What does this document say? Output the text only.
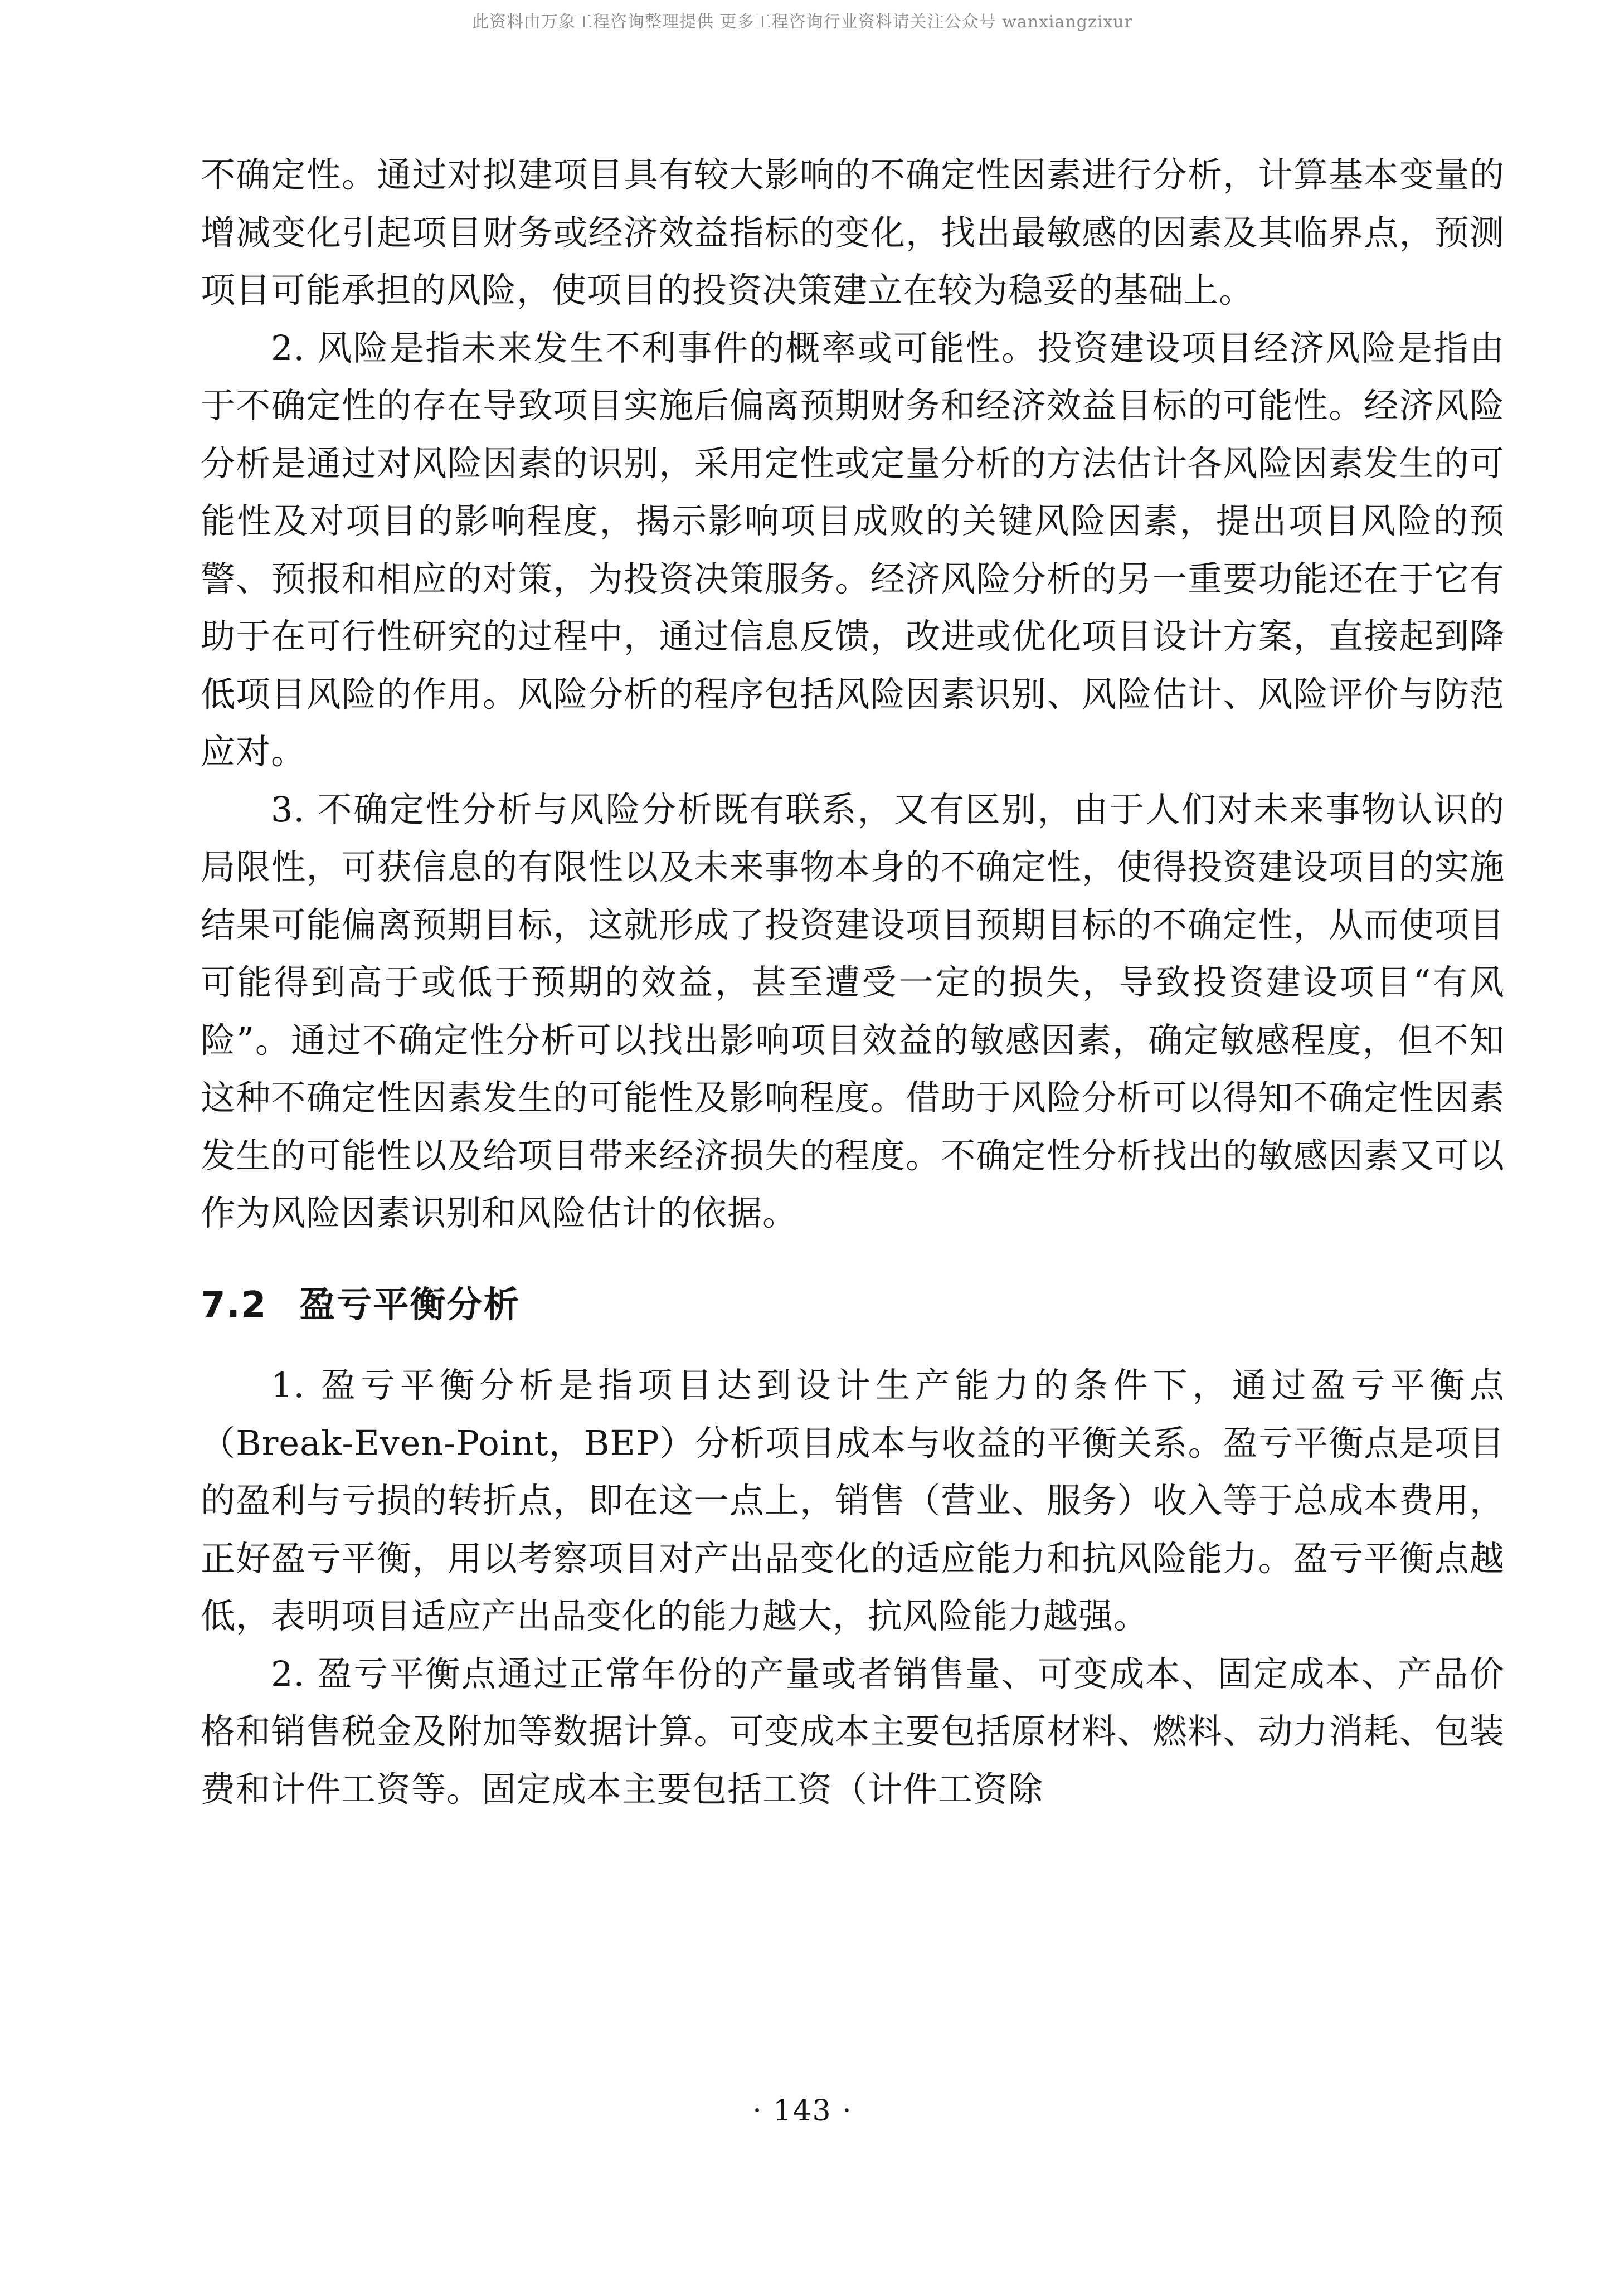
此资料由万象工程咨询整理提供 更多工程咨询行业资料请关注公众号 wanxiangzixur

不确定性。通过对拟建项目具有较大影响的不确定性因素进行分析，计算基本变量的增减变化引起项目财务或经济效益指标的变化，找出最敏感的因素及其临界点，预测项目可能承担的风险，使项目的投资决策建立在较为稳妥的基础上。

2. 风险是指未来发生不利事件的概率或可能性。投资建设项目经济风险是指由于不确定性的存在导致项目实施后偏离预期财务和经济效益目标的可能性。经济风险分析是通过对风险因素的识别，采用定性或定量分析的方法估计各风险因素发生的可能性及对项目的影响程度，揭示影响项目成败的关键风险因素，提出项目风险的预警、预报和相应的对策，为投资决策服务。经济风险分析的另一重要功能还在于它有助于在可行性研究的过程中，通过信息反馈，改进或优化项目设计方案，直接起到降低项目风险的作用。风险分析的程序包括风险因素识别、风险估计、风险评价与防范应对。

3. 不确定性分析与风险分析既有联系，又有区别，由于人们对未来事物认识的局限性，可获信息的有限性以及未来事物本身的不确定性，使得投资建设项目的实施结果可能偏离预期目标，这就形成了投资建设项目预期目标的不确定性，从而使项目可能得到高于或低于预期的效益，甚至遭受一定的损失，导致投资建设项目“有风险”。通过不确定性分析可以找出影响项目效益的敏感因素，确定敏感程度，但不知这种不确定性因素发生的可能性及影响程度。借助于风险分析可以得知不确定性因素发生的可能性以及给项目带来经济损失的程度。不确定性分析找出的敏感因素又可以作为风险因素识别和风险估计的依据。

7.2 盈亏平衡分析

1. 盈亏平衡分析是指项目达到设计生产能力的条件下，通过盈亏平衡点（Break-Even-Point，BEP）分析项目成本与收益的平衡关系。盈亏平衡点是项目的盈利与亏损的转折点，即在这一点上，销售（营业、服务）收入等于总成本费用，正好盈亏平衡，用以考察项目对产出品变化的适应能力和抗风险能力。盈亏平衡点越低，表明项目适应产出品变化的能力越大，抗风险能力越强。

2. 盈亏平衡点通过正常年份的产量或者销售量、可变成本、固定成本、产品价格和销售税金及附加等数据计算。可变成本主要包括原材料、燃料、动力消耗、包装费和计件工资等。固定成本主要包括工资（计件工资除

· 143 ·
